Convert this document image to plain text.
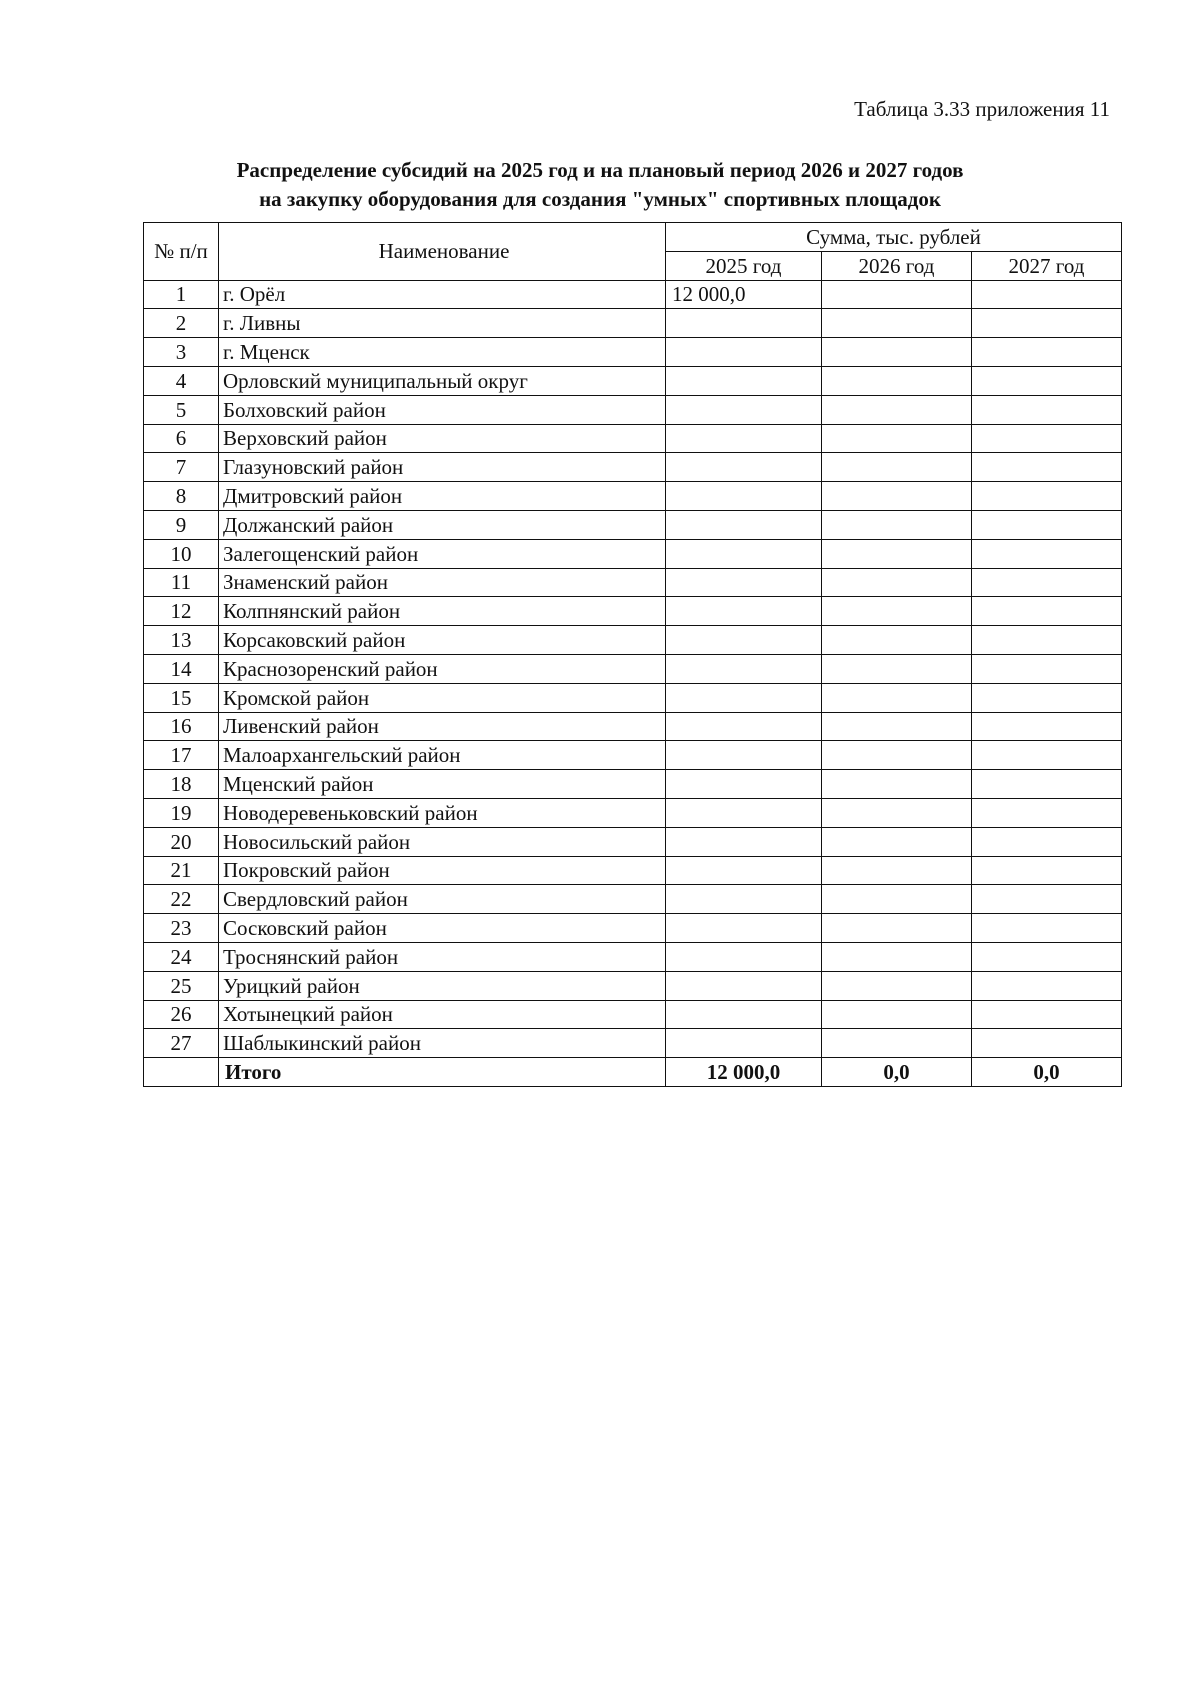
Таблица 3.33 приложения 11
Распределение субсидий на 2025 год и на плановый период 2026 и 2027 годов
на закупку оборудования для создания "умных" спортивных площадок
№ п/п	Наименование	Сумма, тыс. рублей		
		2025 год	2026 год	2027 год
1	г. Орёл	12 000,0		
2	г. Ливны			
3	г. Мценск			
4	Орловский муниципальный округ			
5	Болховский район			
6	Верховский район			
7	Глазуновский район			
8	Дмитровский район			
9	Должанский район			
10	Залегощенский район			
11	Знаменский район			
12	Колпнянский район			
13	Корсаковский район			
14	Краснозоренский район			
15	Кромской район			
16	Ливенский район			
17	Малоархангельский район			
18	Мценский район			
19	Новодеревеньковский район			
20	Новосильский район			
21	Покровский район			
22	Свердловский район			
23	Сосковский район			
24	Троснянский район			
25	Урицкий район			
26	Хотынецкий район			
27	Шаблыкинский район			
	Итого	12 000,0	0,0	0,0
